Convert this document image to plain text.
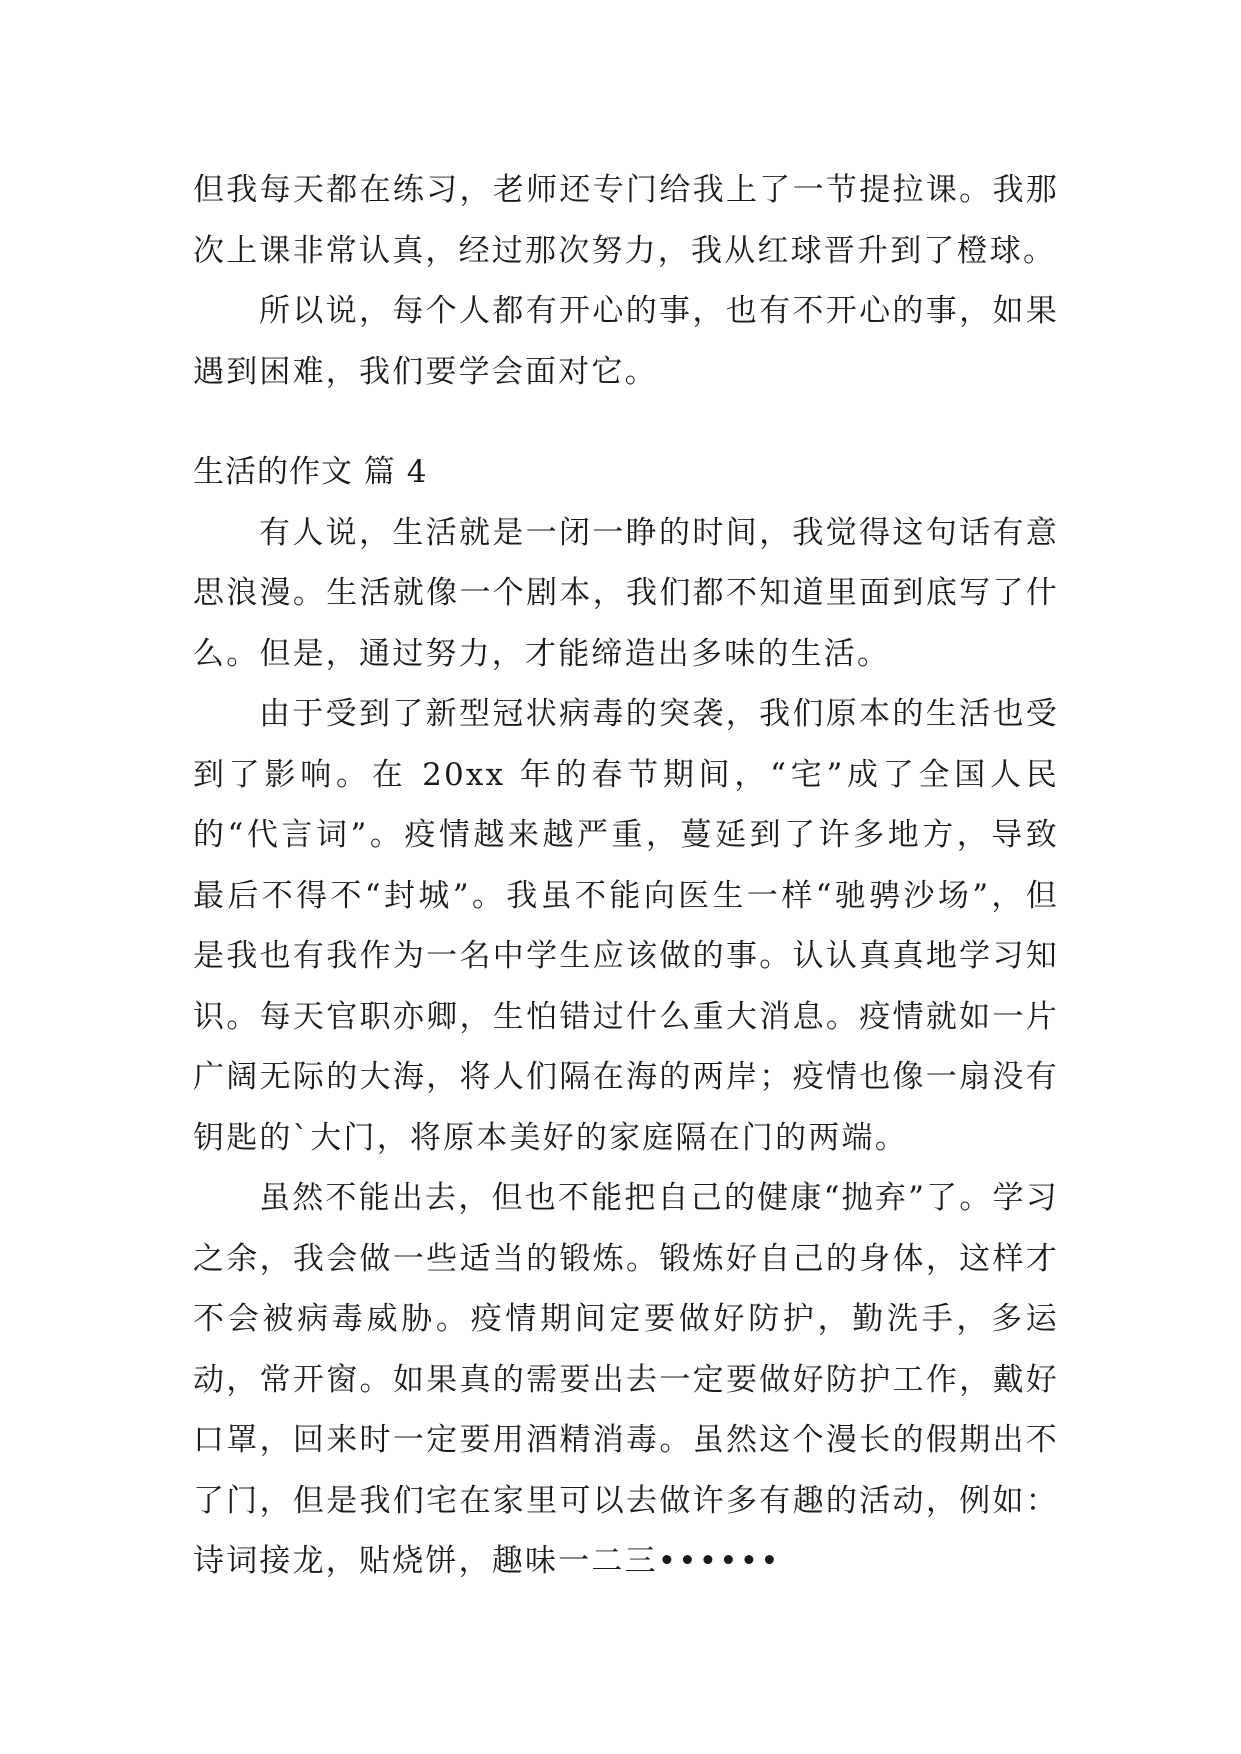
但我每天都在练习，老师还专门给我上了一节提拉课。我那次上课非常认真，经过那次努力，我从红球晋升到了橙球。

所以说，每个人都有开心的事，也有不开心的事，如果遇到困难，我们要学会面对它。

生活的作文 篇 4

有人说，生活就是一闭一睁的时间，我觉得这句话有意思浪漫。生活就像一个剧本，我们都不知道里面到底写了什么。但是，通过努力，才能缔造出多味的生活。

由于受到了新型冠状病毒的突袭，我们原本的生活也受到了影响。在 20xx 年的春节期间，“宅”成了全国人民的“代言词”。疫情越来越严重，蔓延到了许多地方，导致最后不得不“封城”。我虽不能向医生一样“驰骋沙场”，但是我也有我作为一名中学生应该做的事。认认真真地学习知识。每天官职亦卿，生怕错过什么重大消息。疫情就如一片广阔无际的大海，将人们隔在海的两岸；疫情也像一扇没有钥匙的`大门，将原本美好的家庭隔在门的两端。

虽然不能出去，但也不能把自己的健康“抛弃”了。学习之余，我会做一些适当的锻炼。锻炼好自己的身体，这样才不会被病毒威胁。疫情期间定要做好防护，勤洗手，多运动，常开窗。如果真的需要出去一定要做好防护工作，戴好口罩，回来时一定要用酒精消毒。虽然这个漫长的假期出不了门，但是我们宅在家里可以去做许多有趣的活动，例如：诗词接龙，贴烧饼，趣味一二三••••••
